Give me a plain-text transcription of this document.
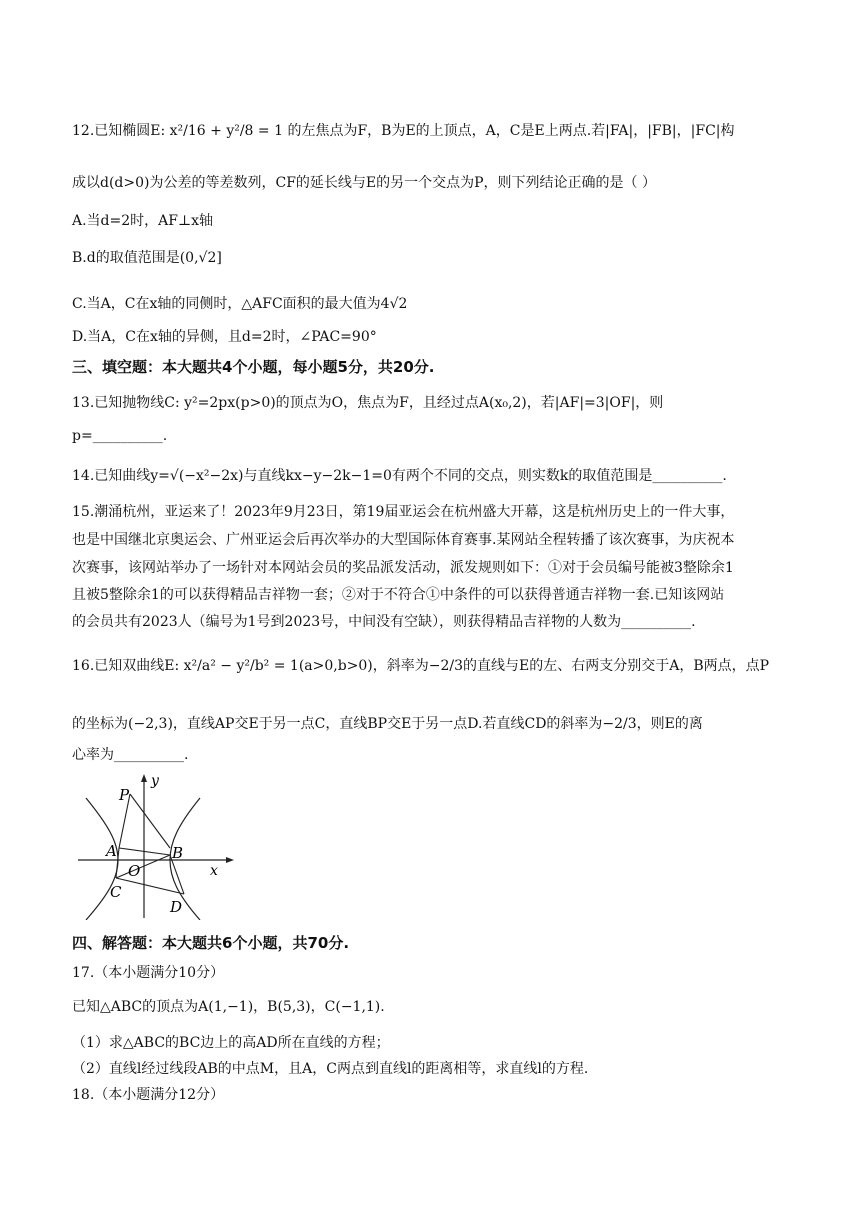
12.已知椭圆E: x²/16 + y²/8 = 1 的左焦点为F，B为E的上顶点，A，C是E上两点.若|FA|，|FB|，|FC|构
成以d(d>0)为公差的等差数列，CF的延长线与E的另一个交点为P，则下列结论正确的是（ ）
A.当d=2时，AF⊥x轴
B.d的取值范围是(0,√2]
C.当A，C在x轴的同侧时，△AFC面积的最大值为4√2
D.当A，C在x轴的异侧，且d=2时，∠PAC=90°
三、填空题：本大题共4个小题，每小题5分，共20分.
13.已知抛物线C: y²=2px(p>0)的顶点为O，焦点为F，且经过点A(x₀,2)，若|AF|=3|OF|，则
p=__________.
14.已知曲线y=√(−x²−2x)与直线kx−y−2k−1=0有两个不同的交点，则实数k的取值范围是__________.
15.潮涌杭州，亚运来了！2023年9月23日，第19届亚运会在杭州盛大开幕，这是杭州历史上的一件大事，
也是中国继北京奥运会、广州亚运会后再次举办的大型国际体育赛事.某网站全程转播了该次赛事，为庆祝本
次赛事，该网站举办了一场针对本网站会员的奖品派发活动，派发规则如下：①对于会员编号能被3整除余1
且被5整除余1的可以获得精品吉祥物一套；②对于不符合①中条件的可以获得普通吉祥物一套.已知该网站
的会员共有2023人（编号为1号到2023号，中间没有空缺），则获得精品吉祥物的人数为__________.
16.已知双曲线E: x²/a² − y²/b² = 1(a>0,b>0)，斜率为−2/3的直线与E的左、右两支分别交于A，B两点，点P
的坐标为(−2,3)，直线AP交E于另一点C，直线BP交E于另一点D.若直线CD的斜率为−2/3，则E的离
心率为__________.
P
A	B
C
D
O	x
y
四、解答题：本大题共6个小题，共70分.
17.（本小题满分10分）
已知△ABC的顶点为A(1,−1)，B(5,3)，C(−1,1).
（1）求△ABC的BC边上的高AD所在直线的方程；
（2）直线l经过线段AB的中点M，且A，C两点到直线l的距离相等，求直线l的方程.
18.（本小题满分12分）
